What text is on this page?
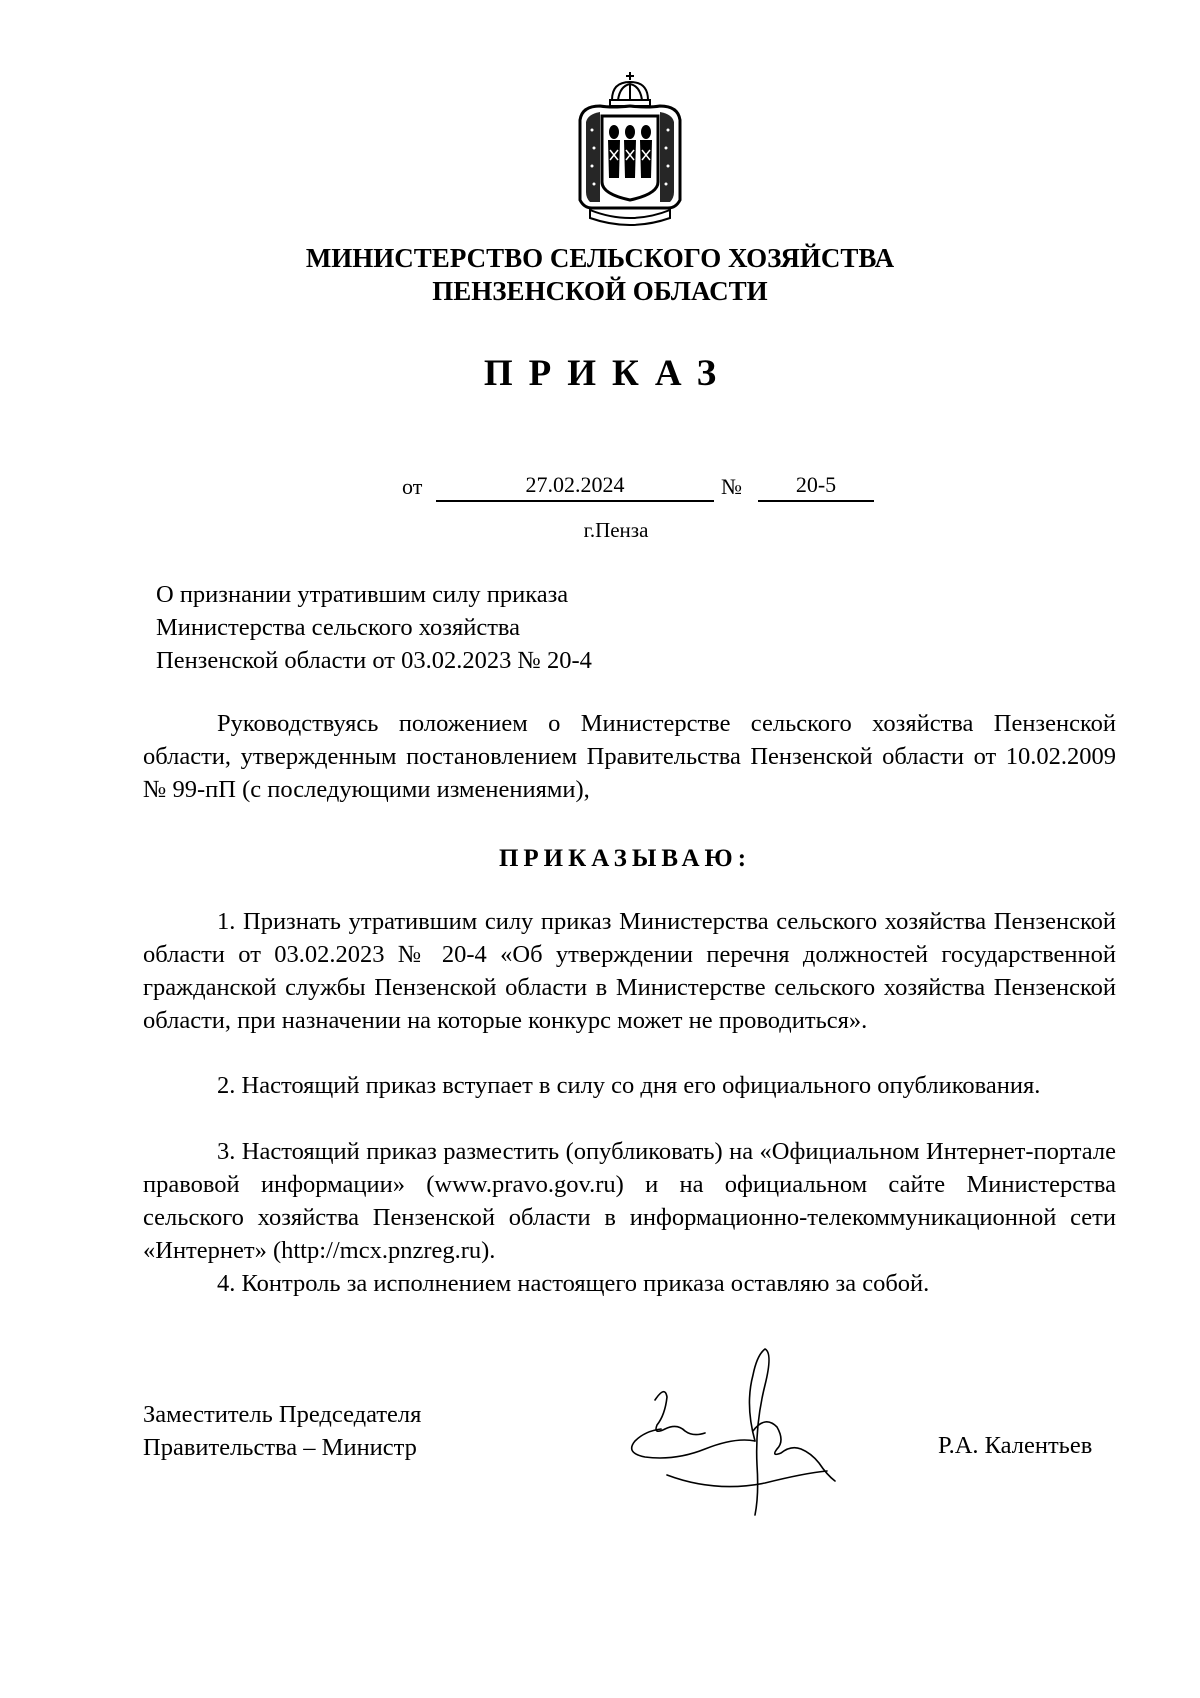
МИНИСТЕРСТВО СЕЛЬСКОГО ХОЗЯЙСТВА
ПЕНЗЕНСКОЙ ОБЛАСТИ
ПРИКАЗ
от	27.02.2024	№	20-5
г.Пенза
О признании утратившим силу приказа
Министерства сельского хозяйства
Пензенской области от 03.02.2023 № 20-4
Руководствуясь положением о Министерстве сельского хозяйства Пензенской области, утвержденным постановлением Правительства Пензенской области от 10.02.2009 № 99-пП (с последующими изменениями),
ПРИКАЗЫВАЮ:
1. Признать утратившим силу приказ Министерства сельского хозяйства Пензенской области от 03.02.2023 № 20-4 «Об утверждении перечня должностей государственной гражданской службы Пензенской области в Министерстве сельского хозяйства Пензенской области, при назначении на которые конкурс может не проводиться».
2. Настоящий приказ вступает в силу со дня его официального опубликования.
3. Настоящий приказ разместить (опубликовать) на «Официальном Интернет-портале правовой информации» (www.pravo.gov.ru) и на официальном сайте Министерства сельского хозяйства Пензенской области в информационно-телекоммуникационной сети «Интернет» (http://mcx.pnzreg.ru).
4. Контроль за исполнением настоящего приказа оставляю за собой.
Заместитель Председателя
Правительства – Министр	Р.А. Калентьев
